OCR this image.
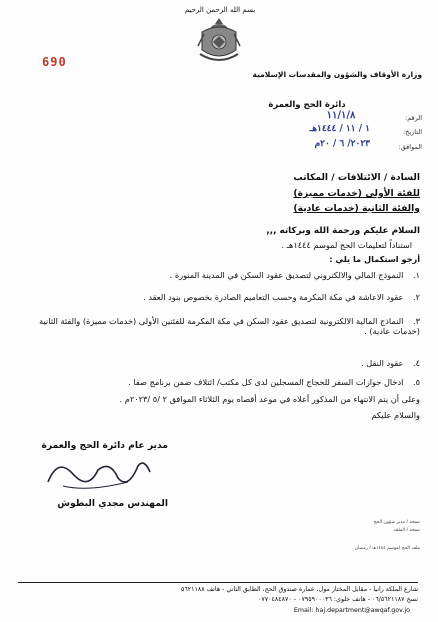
بسم الله الرحمن الرحيم
وزارة الأوقاف والشؤون والمقدسات الإسلامية
690
دائرة الحج والعمرة
الرقم:
١١/١/٨
التاريخ:
١ / ١١ / ١٤٤٤هـ
الموافق:
٢٠٢٣/ ٦ / ٢٠م
السادة / الائتلافات / المكاتب
للفئة الأولى (خدمات مميزة)
والفئة الثانية (خدمات عادية)
السلام عليكم ورحمة الله وبركاته ,,,
استناداً لتعليمات الحج لموسم ١٤٤٤هـ .
أرجو استكمال ما يلي :
١. النموذج المالي والالكتروني لتصديق عقود السكن في المدينة المنورة .
٢. عقود الاعاشة في مكة المكرمة وحسب التعاميم الصادرة بخصوص بنود العقد .
٣. النماذج المالية الالكترونية لتصديق عقود السكن في مكة المكرمة للفئتين الأولى (خدمات مميزة) والفئة الثانية (خدمات عادية) .
٤. عقود النقل .
٥. ادخال جوازات السفر للحجاج المسجلين لدى كل مكتب/ ائتلاف ضمن برنامج صفا .
وعلى أن يتم الانتهاء من المذكور أعلاه في موعد أقصاه يوم الثلاثاء الموافق ٢ /٥ /٢٠٢٣م .
والسلام عليكم
مدير عام دائرة الحج والعمرة
المهندس مجدي البطوش
نسخة / مدير شؤون الحج
نسخة / الملف
ملف الحج لموسم ١٤٤٤هـ / رمضان
شارع الملكة رانيا - مقابل المختار مول، عمارة صندوق الحج، الطابق الثاني - هاتف ٥٦٢١١٨٨
نسخ ٠٦/٥٦٢١١٨٧ - هاتف خلوي: ٠٧٩٥٩٠٠٠٣٦ - ٠٧٧٠٤٨٤٨٧٠
Email: haj.department@awqaf.gov.jo
